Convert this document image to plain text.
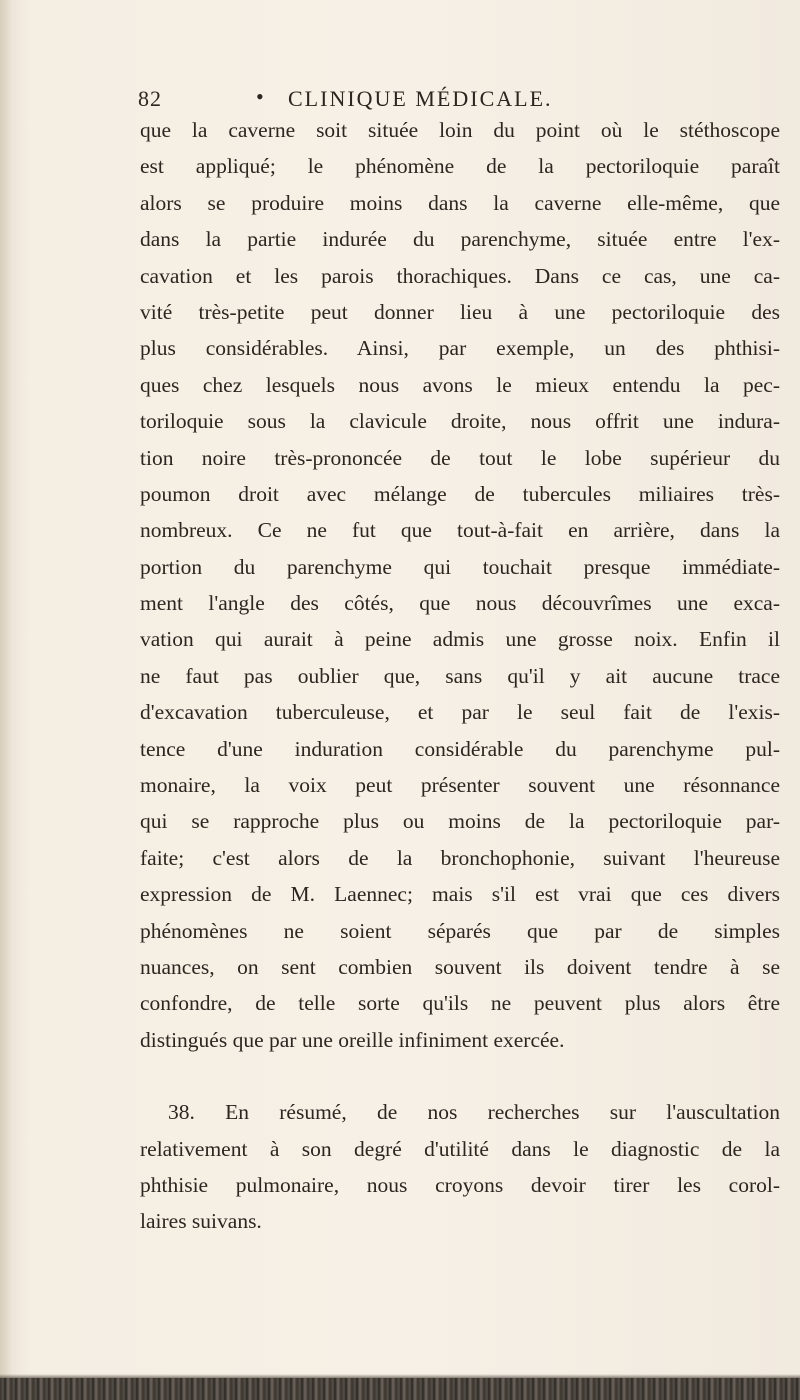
82	• CLINIQUE MÉDICALE.
que la caverne soit située loin du point où le stéthoscope
est appliqué; le phénomène de la pectoriloquie paraît
alors se produire moins dans la caverne elle-même, que
dans la partie indurée du parenchyme, située entre l'ex-
cavation et les parois thorachiques. Dans ce cas, une ca-
vité très-petite peut donner lieu à une pectoriloquie des
plus considérables. Ainsi, par exemple, un des phthisi-
ques chez lesquels nous avons le mieux entendu la pec-
toriloquie sous la clavicule droite, nous offrit une indura-
tion noire très-prononcée de tout le lobe supérieur du
poumon droit avec mélange de tubercules miliaires très-
nombreux. Ce ne fut que tout-à-fait en arrière, dans la
portion du parenchyme qui touchait presque immédiate-
ment l'angle des côtés, que nous découvrîmes une exca-
vation qui aurait à peine admis une grosse noix. Enfin il
ne faut pas oublier que, sans qu'il y ait aucune trace
d'excavation tuberculeuse, et par le seul fait de l'exis-
tence d'une induration considérable du parenchyme pul-
monaire, la voix peut présenter souvent une résonnance
qui se rapproche plus ou moins de la pectoriloquie par-
faite; c'est alors de la bronchophonie, suivant l'heureuse
expression de M. Laennec; mais s'il est vrai que ces divers
phénomènes ne soient séparés que par de simples
nuances, on sent combien souvent ils doivent tendre à se
confondre, de telle sorte qu'ils ne peuvent plus alors être
distingués que par une oreille infiniment exercée.
38. En résumé, de nos recherches sur l'auscultation
relativement à son degré d'utilité dans le diagnostic de la
phthisie pulmonaire, nous croyons devoir tirer les corol-
laires suivans.
